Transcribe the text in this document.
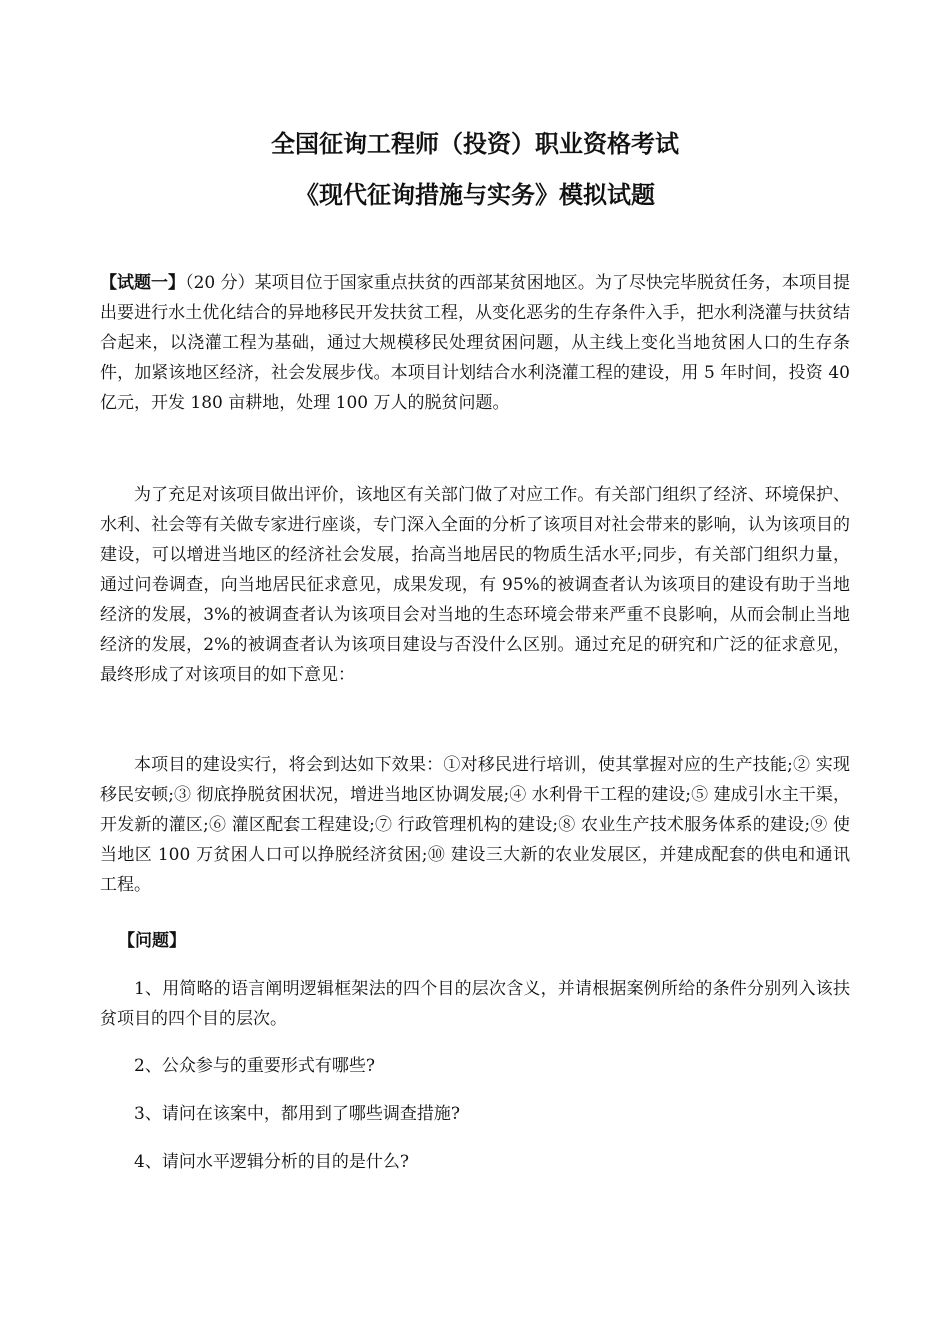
全国征询工程师（投资）职业资格考试
《现代征询措施与实务》模拟试题

【试题一】（20 分）某项目位于国家重点扶贫的西部某贫困地区。为了尽快完毕脱贫任务，本项目提出要进行水土优化结合的异地移民开发扶贫工程，从变化恶劣的生存条件入手，把水利浇灌与扶贫结合起来，以浇灌工程为基础，通过大规模移民处理贫困问题，从主线上变化当地贫困人口的生存条件，加紧该地区经济，社会发展步伐。本项目计划结合水利浇灌工程的建设，用 5 年时间，投资 40 亿元，开发 180 亩耕地，处理 100 万人的脱贫问题。

为了充足对该项目做出评价，该地区有关部门做了对应工作。有关部门组织了经济、环境保护、水利、社会等有关做专家进行座谈，专门深入全面的分析了该项目对社会带来的影响，认为该项目的建设，可以增进当地区的经济社会发展，抬高当地居民的物质生活水平;同步，有关部门组织力量，通过问卷调查，向当地居民征求意见，成果发现，有 95%的被调查者认为该项目的建设有助于当地经济的发展，3%的被调查者认为该项目会对当地的生态环境会带来严重不良影响，从而会制止当地经济的发展，2%的被调查者认为该项目建设与否没什么区别。通过充足的研究和广泛的征求意见，最终形成了对该项目的如下意见：

本项目的建设实行，将会到达如下效果：①对移民进行培训，使其掌握对应的生产技能;② 实现移民安顿;③ 彻底挣脱贫困状况，增进当地区协调发展;④ 水利骨干工程的建设;⑤ 建成引水主干渠，开发新的灌区;⑥ 灌区配套工程建设;⑦ 行政管理机构的建设;⑧ 农业生产技术服务体系的建设;⑨ 使当地区 100 万贫困人口可以挣脱经济贫困;⑩ 建设三大新的农业发展区，并建成配套的供电和通讯工程。

【问题】

1、用简略的语言阐明逻辑框架法的四个目的层次含义，并请根据案例所给的条件分别列入该扶贫项目的四个目的层次。

2、公众参与的重要形式有哪些?

3、请问在该案中，都用到了哪些调查措施?

4、请问水平逻辑分析的目的是什么?
